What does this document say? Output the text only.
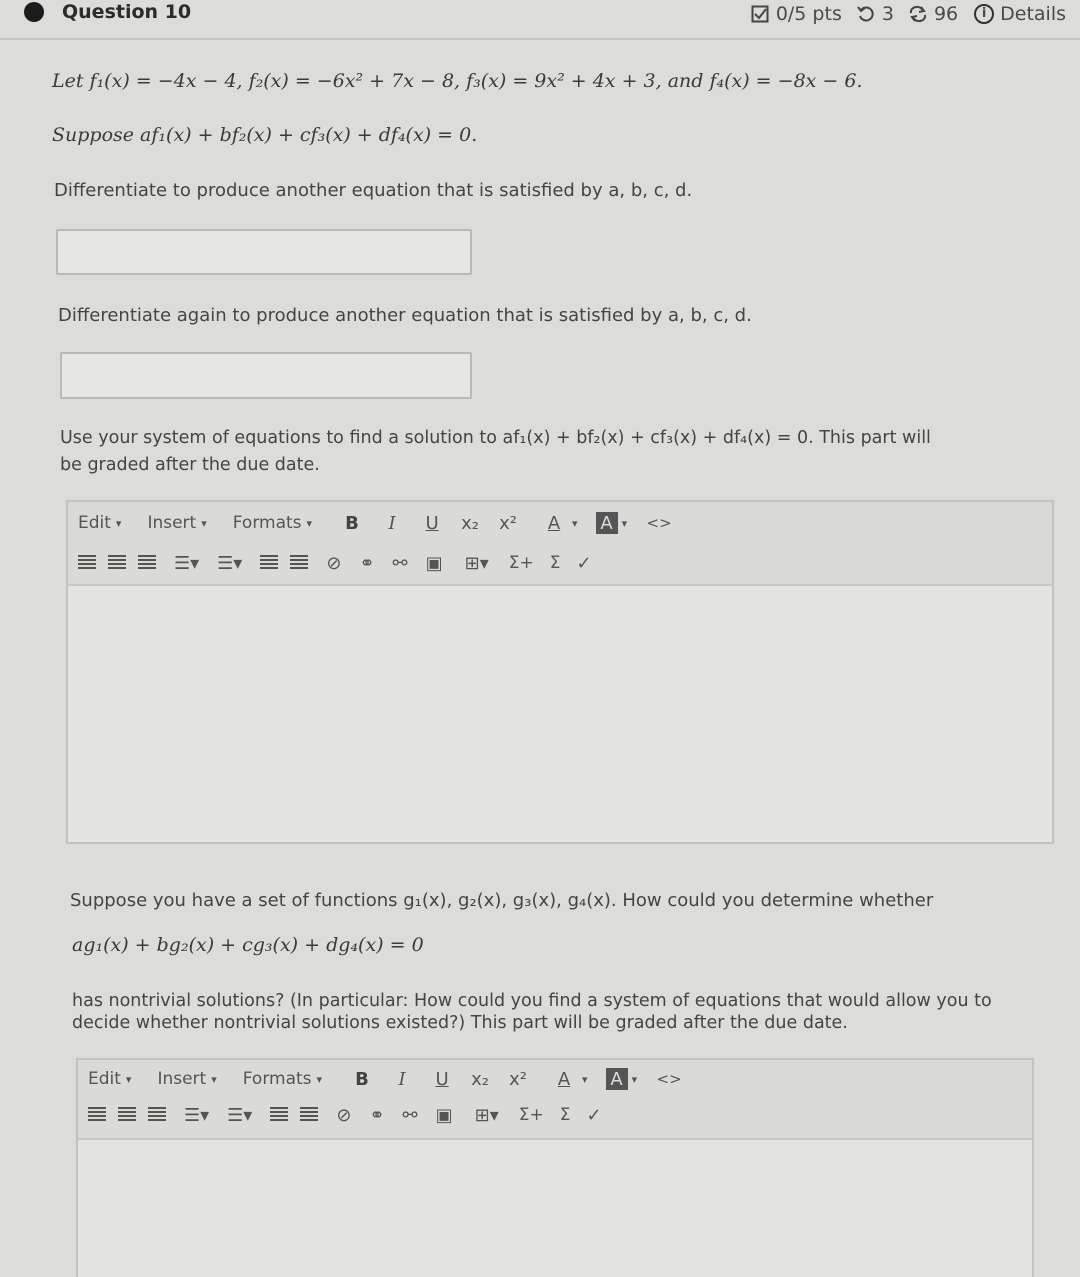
Question 10	0/5 pts 3 96	i Details
Let f₁(x) = −4x − 4, f₂(x) = −6x² + 7x − 8, f₃(x) = 9x² + 4x + 3, and f₄(x) = −8x − 6.
Suppose af₁(x) + bf₂(x) + cf₃(x) + df₄(x) = 0.
Differentiate to produce another equation that is satisfied by a, b, c, d.
Differentiate again to produce another equation that is satisfied by a, b, c, d.
Use your system of equations to find a solution to af₁(x) + bf₂(x) + cf₃(x) + df₄(x) = 0. This part will
be graded after the due date.
Edit ▾	Insert ▾	Formats ▾	B	I	U	x₂ x²	A	▾ A ▾ <>
☰▾ ☰▾	⊘ ⚭ ⚯ ▣ ⊞▾ Σ+ Σ ✓
Suppose you have a set of functions g₁(x), g₂(x), g₃(x), g₄(x). How could you determine whether
ag₁(x) + bg₂(x) + cg₃(x) + dg₄(x) = 0
has nontrivial solutions? (In particular: How could you find a system of equations that would allow you to
decide whether nontrivial solutions existed?) This part will be graded after the due date.
Edit ▾	Insert ▾	Formats ▾	B	I	U	x₂ x²	A	▾ A ▾ <>
☰▾ ☰▾	⊘ ⚭ ⚯ ▣ ⊞▾ Σ+ Σ ✓
